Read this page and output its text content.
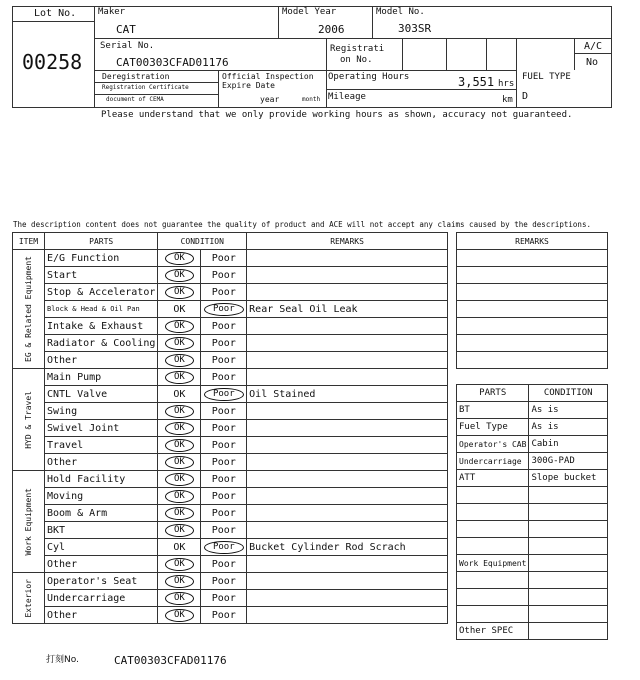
Lot No.
00258
Maker
CAT
Model Year
2006
Model No.
303SR
Serial No.
CAT00303CFAD01176
Registrati
on No.
A/C
No
Deregistration
Registration Certificate
document of CEMA
Official Inspection
Expire Date
year	month
Operating Hours	3,551 hrs
Mileage	km
FUEL TYPE
D
Please understand that we only provide working hours as shown, accuracy not guaranteed.
The description content does not guarantee the quality of product and ACE will not accept any claims caused by the descriptions.
ITEM	PARTS	CONDITION		REMARKS

EG & Related Equipment	E/G Function	OK	Poor	
	Start	OK	Poor	
	Stop & Accelerator	OK	Poor	
	Block & Head & Oil Pan	OK	Poor	Rear Seal Oil Leak
	Intake & Exhaust	OK	Poor	
	Radiator & Cooling	OK	Poor	
	Other	OK	Poor	

HYD & Travel	Main Pump	OK	Poor	
	CNTL Valve	OK	Poor	Oil Stained
	Swing	OK	Poor	
	Swivel Joint	OK	Poor	
	Travel	OK	Poor	
	Other	OK	Poor	

Work Equipment	Hold Facility	OK	Poor	
	Moving	OK	Poor	
	Boom & Arm	OK	Poor	
	BKT	OK	Poor	
	Cyl	OK	Poor	Bucket Cylinder Rod Scrach
	Other	OK	Poor	

Exterior	Operator's Seat	OK	Poor	
	Undercarriage	OK	Poor	
	Other	OK	Poor	
REMARKS

PARTS	CONDITION
BT	As is
Fuel Type	As is
Operator's CAB	Cabin
Undercarriage	300G-PAD
ATT	Slope bucket

Work Equipment	

Other SPEC	
打刻No.	CAT00303CFAD01176
